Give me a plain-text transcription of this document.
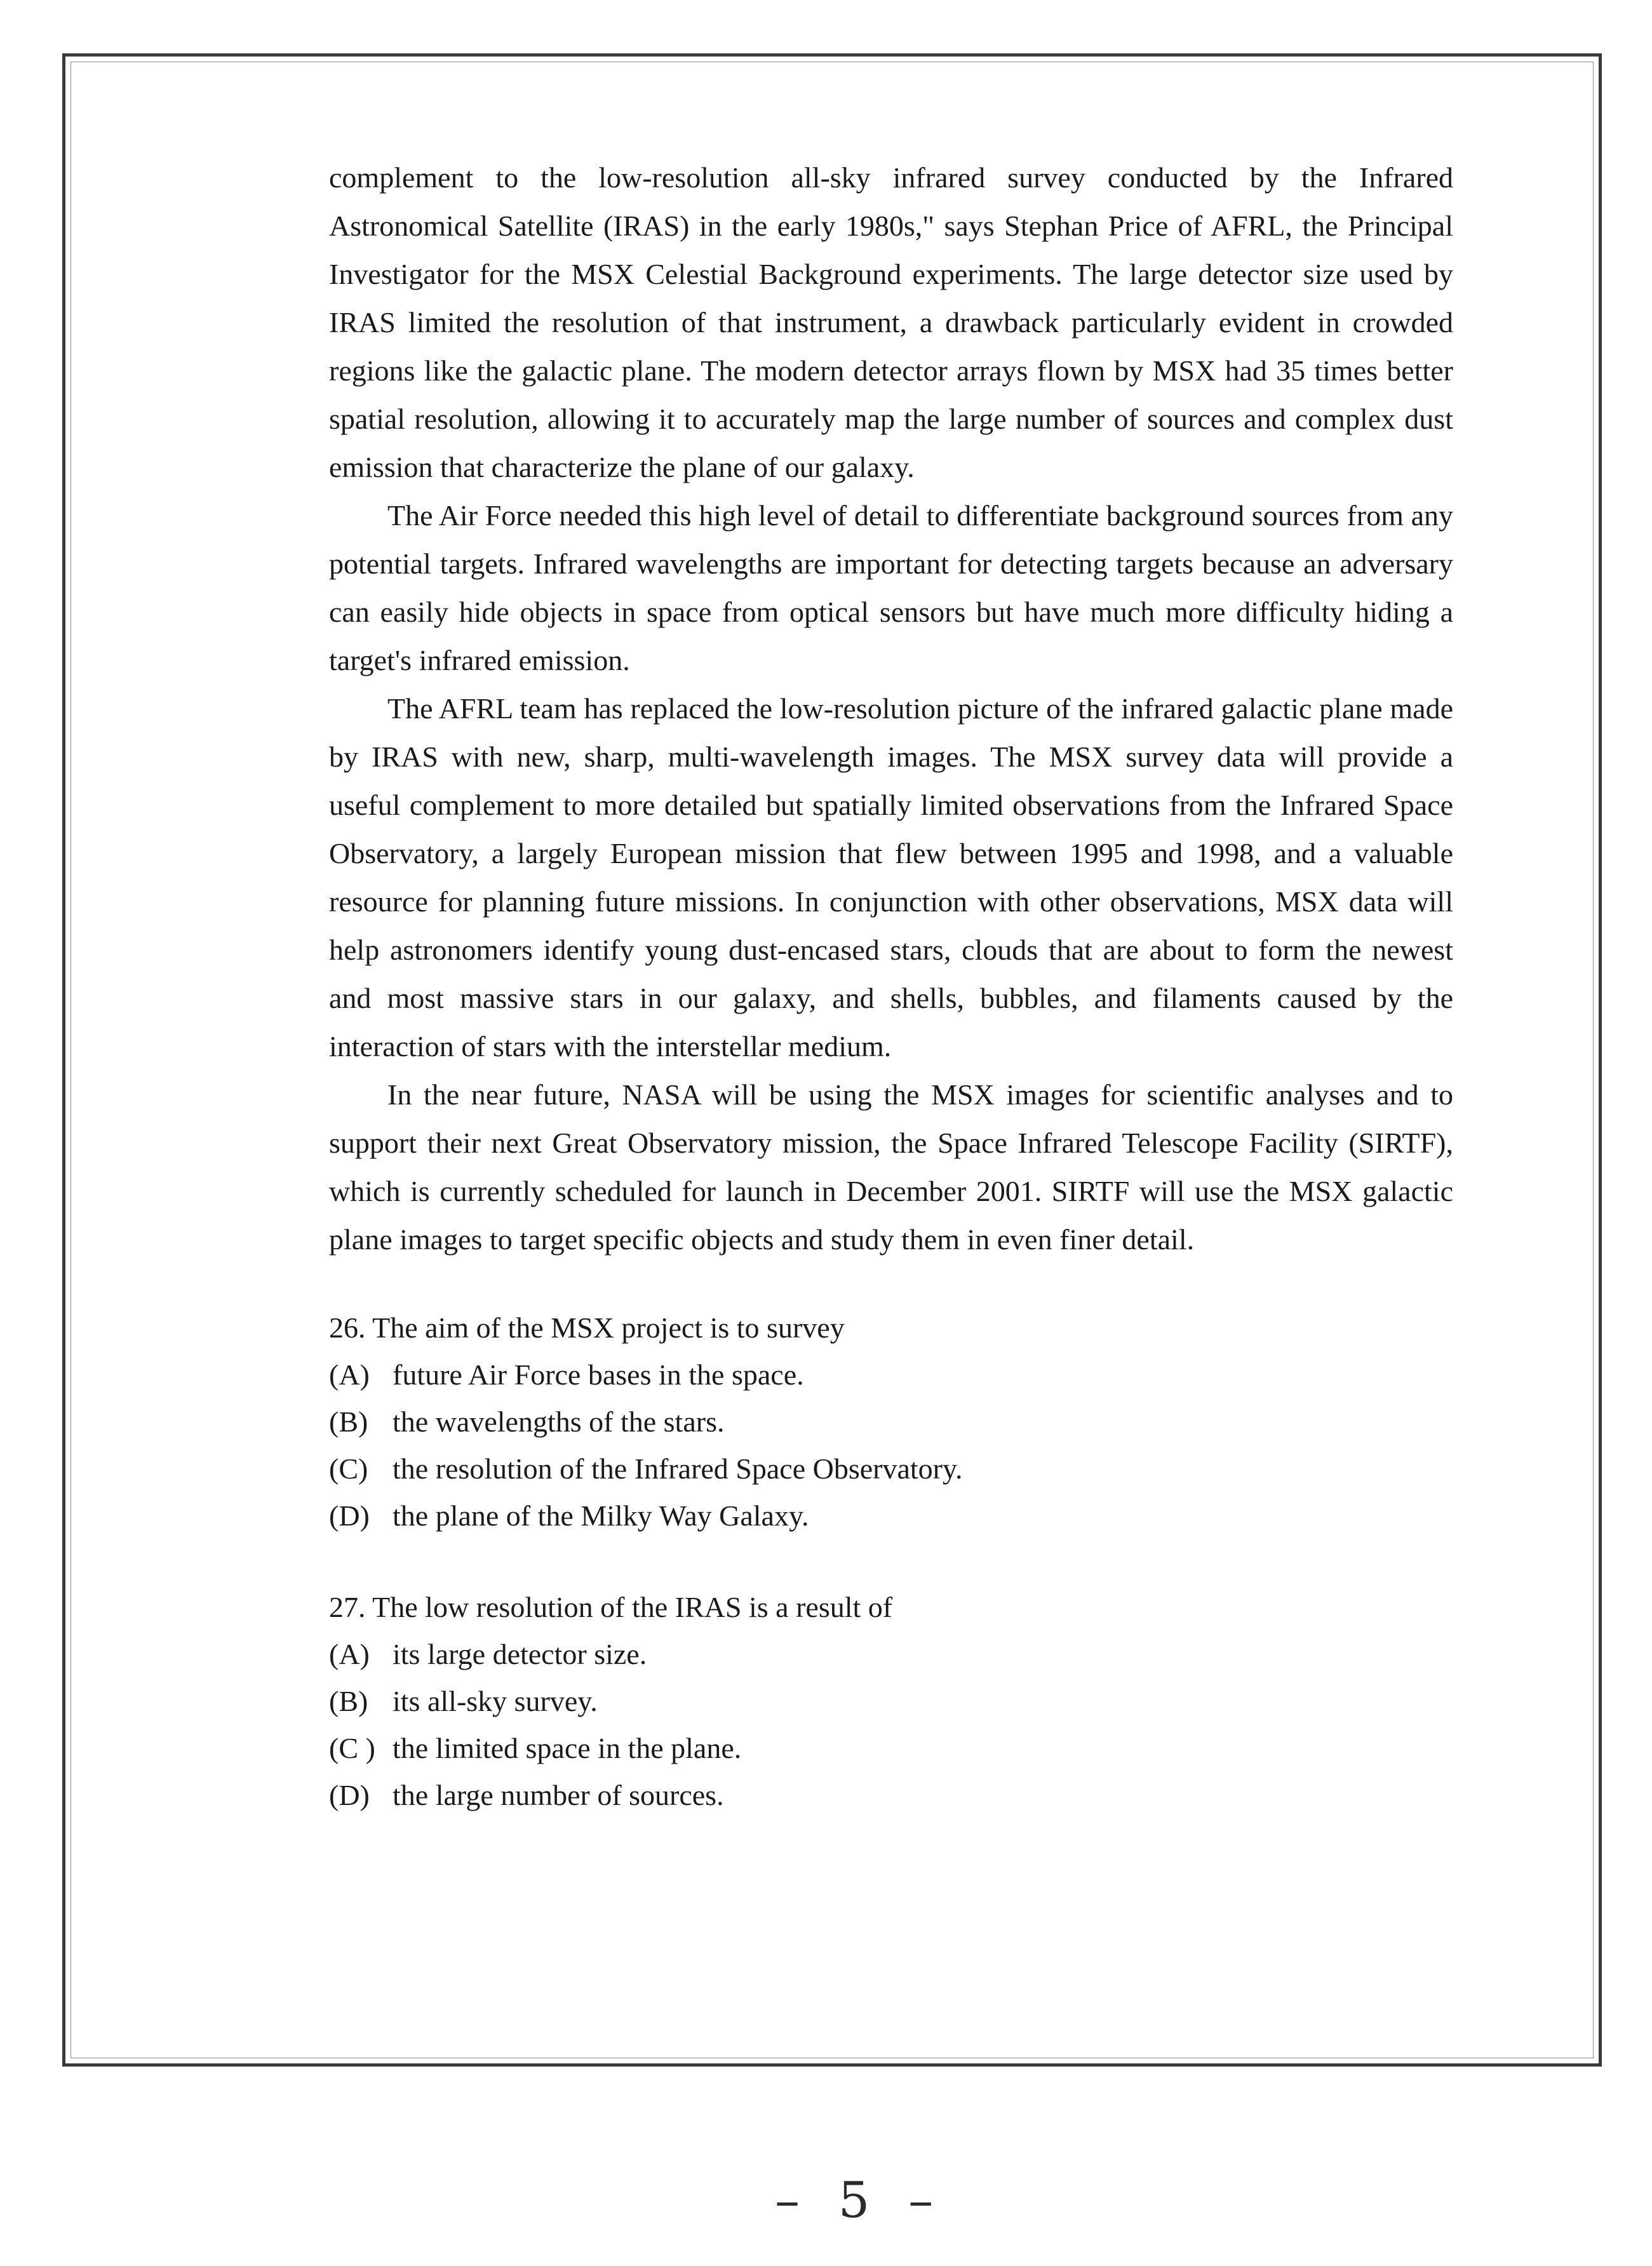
complement to the low-resolution all-sky infrared survey conducted by the Infrared Astronomical Satellite (IRAS) in the early 1980s," says Stephan Price of AFRL, the Principal Investigator for the MSX Celestial Background experiments. The large detector size used by IRAS limited the resolution of that instrument, a drawback particularly evident in crowded regions like the galactic plane. The modern detector arrays flown by MSX had 35 times better spatial resolution, allowing it to accurately map the large number of sources and complex dust emission that characterize the plane of our galaxy.

The Air Force needed this high level of detail to differentiate background sources from any potential targets. Infrared wavelengths are important for detecting targets because an adversary can easily hide objects in space from optical sensors but have much more difficulty hiding a target's infrared emission.

The AFRL team has replaced the low-resolution picture of the infrared galactic plane made by IRAS with new, sharp, multi-wavelength images. The MSX survey data will provide a useful complement to more detailed but spatially limited observations from the Infrared Space Observatory, a largely European mission that flew between 1995 and 1998, and a valuable resource for planning future missions. In conjunction with other observations, MSX data will help astronomers identify young dust-encased stars, clouds that are about to form the newest and most massive stars in our galaxy, and shells, bubbles, and filaments caused by the interaction of stars with the interstellar medium.

In the near future, NASA will be using the MSX images for scientific analyses and to support their next Great Observatory mission, the Space Infrared Telescope Facility (SIRTF), which is currently scheduled for launch in December 2001. SIRTF will use the MSX galactic plane images to target specific objects and study them in even finer detail.

26. The aim of the MSX project is to survey

(A) future Air Force bases in the space.
(B) the wavelengths of the stars.
(C) the resolution of the Infrared Space Observatory.
(D) the plane of the Milky Way Galaxy.

27. The low resolution of the IRAS is a result of

(A) its large detector size.
(B) its all-sky survey.
(C ) the limited space in the plane.
(D) the large number of sources.
– 5 –
